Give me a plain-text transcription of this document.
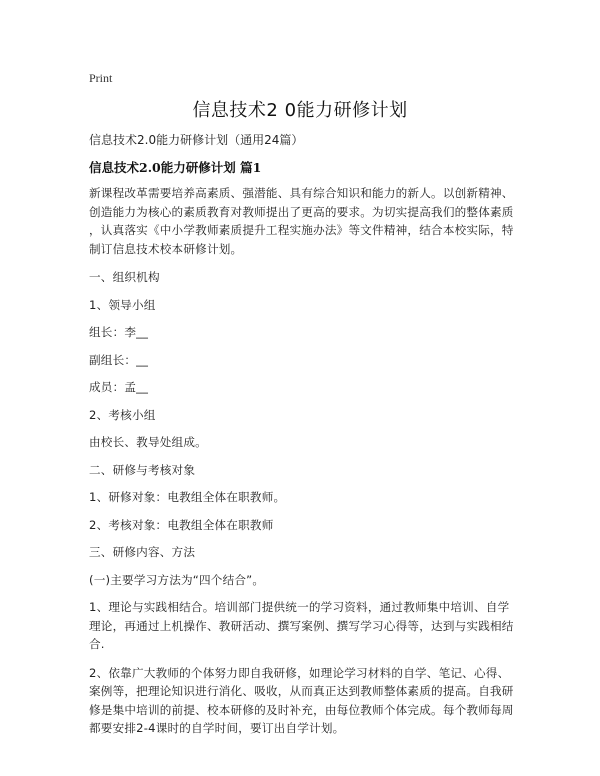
Print
信息技术2 0能力研修计划
信息技术2.0能力研修计划（通用24篇）
信息技术2.0能力研修计划 篇1

新课程改革需要培养高素质、强潜能、具有综合知识和能力的新人。以创新精神、
创造能力为核心的素质教育对教师提出了更高的要求。为切实提高我们的整体素质
，认真落实《中小学教师素质提升工程实施办法》等文件精神，结合本校实际，特
制订信息技术校本研修计划。

一、组织机构

1、领导小组

组长：李__

副组长：__

成员：孟__

2、考核小组

由校长、教导处组成。

二、研修与考核对象

1、研修对象：电教组全体在职教师。

2、考核对象：电教组全体在职教师

三、研修内容、方法

(一)主要学习方法为“四个结合”。

1、理论与实践相结合。培训部门提供统一的学习资料，通过教师集中培训、自学
理论，再通过上机操作、教研活动、撰写案例、撰写学习心得等，达到与实践相结
合.

2、依靠广大教师的个体努力即自我研修，如理论学习材料的自学、笔记、心得、
案例等，把理论知识进行消化、吸收，从而真正达到教师整体素质的提高。自我研
修是集中培训的前提、校本研修的及时补充，由每位教师个体完成。每个教师每周
都要安排2-4课时的自学时间，要订出自学计划。
